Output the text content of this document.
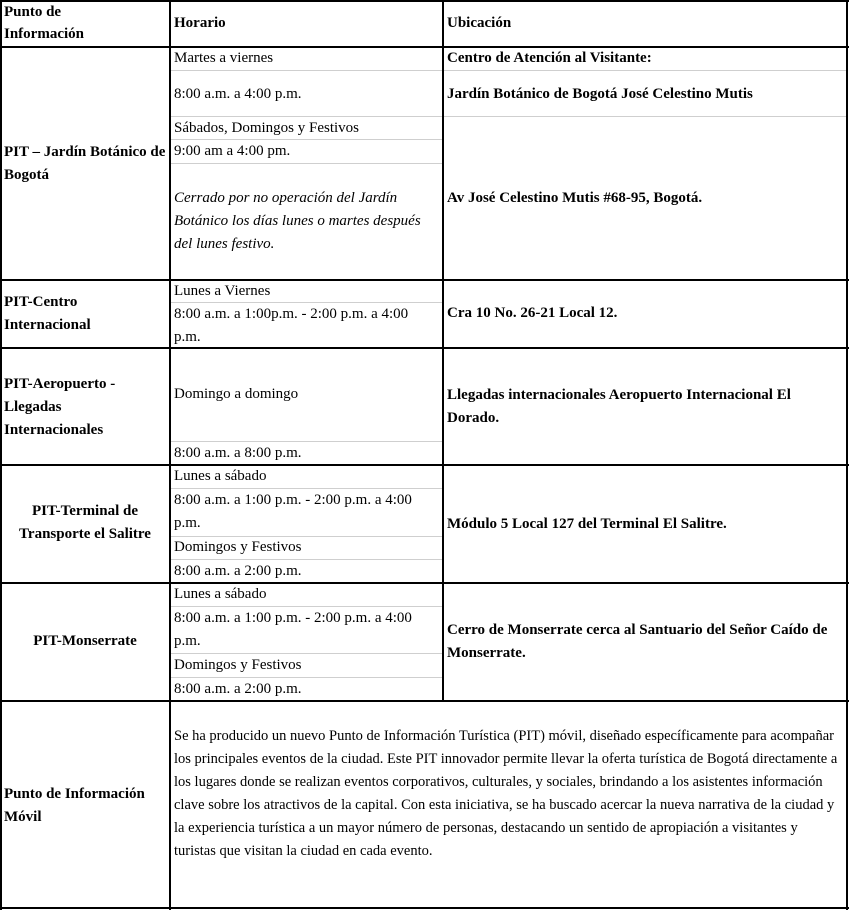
Punto de Información
Horario	Ubicación
PIT – Jardín Botánico de Bogotá
Martes a viernes
8:00 a.m. a 4:00 p.m.
Sábados, Domingos y Festivos
9:00 am a 4:00 pm.
Cerrado por no operación del Jardín Botánico los días lunes o martes después del lunes festivo.
Centro de Atención al Visitante:
Jardín Botánico de Bogotá José Celestino Mutis
Av José Celestino Mutis #68-95, Bogotá.
PIT-Centro Internacional
Lunes a Viernes
8:00 a.m. a 1:00p.m. - 2:00 p.m. a 4:00 p.m.
Cra 10 No. 26-21 Local 12.
PIT-Aeropuerto - Llegadas Internacionales
Domingo a domingo
8:00 a.m. a 8:00 p.m.
Llegadas internacionales Aeropuerto Internacional El Dorado.
PIT-Terminal de Transporte el Salitre
Lunes a sábado
8:00 a.m. a 1:00 p.m. - 2:00 p.m. a 4:00 p.m.
Domingos y Festivos
8:00 a.m. a 2:00 p.m.
Módulo 5 Local 127 del Terminal El Salitre.
PIT-Monserrate
Lunes a sábado
8:00 a.m. a 1:00 p.m. - 2:00 p.m. a 4:00 p.m.
Domingos y Festivos
8:00 a.m. a 2:00 p.m.
Cerro de Monserrate cerca al Santuario del Señor Caído de Monserrate.
Punto de Información Móvil
Se ha producido un nuevo Punto de Información Turística (PIT) móvil, diseñado específicamente para acompañar los principales eventos de la ciudad. Este PIT innovador permite llevar la oferta turística de Bogotá directamente a los lugares donde se realizan eventos corporativos, culturales, y sociales, brindando a los asistentes información clave sobre los atractivos de la capital. Con esta iniciativa, se ha buscado acercar la nueva narrativa de la ciudad y la experiencia turística a un mayor número de personas, destacando un sentido de apropiación a visitantes y turistas que visitan la ciudad en cada evento.
